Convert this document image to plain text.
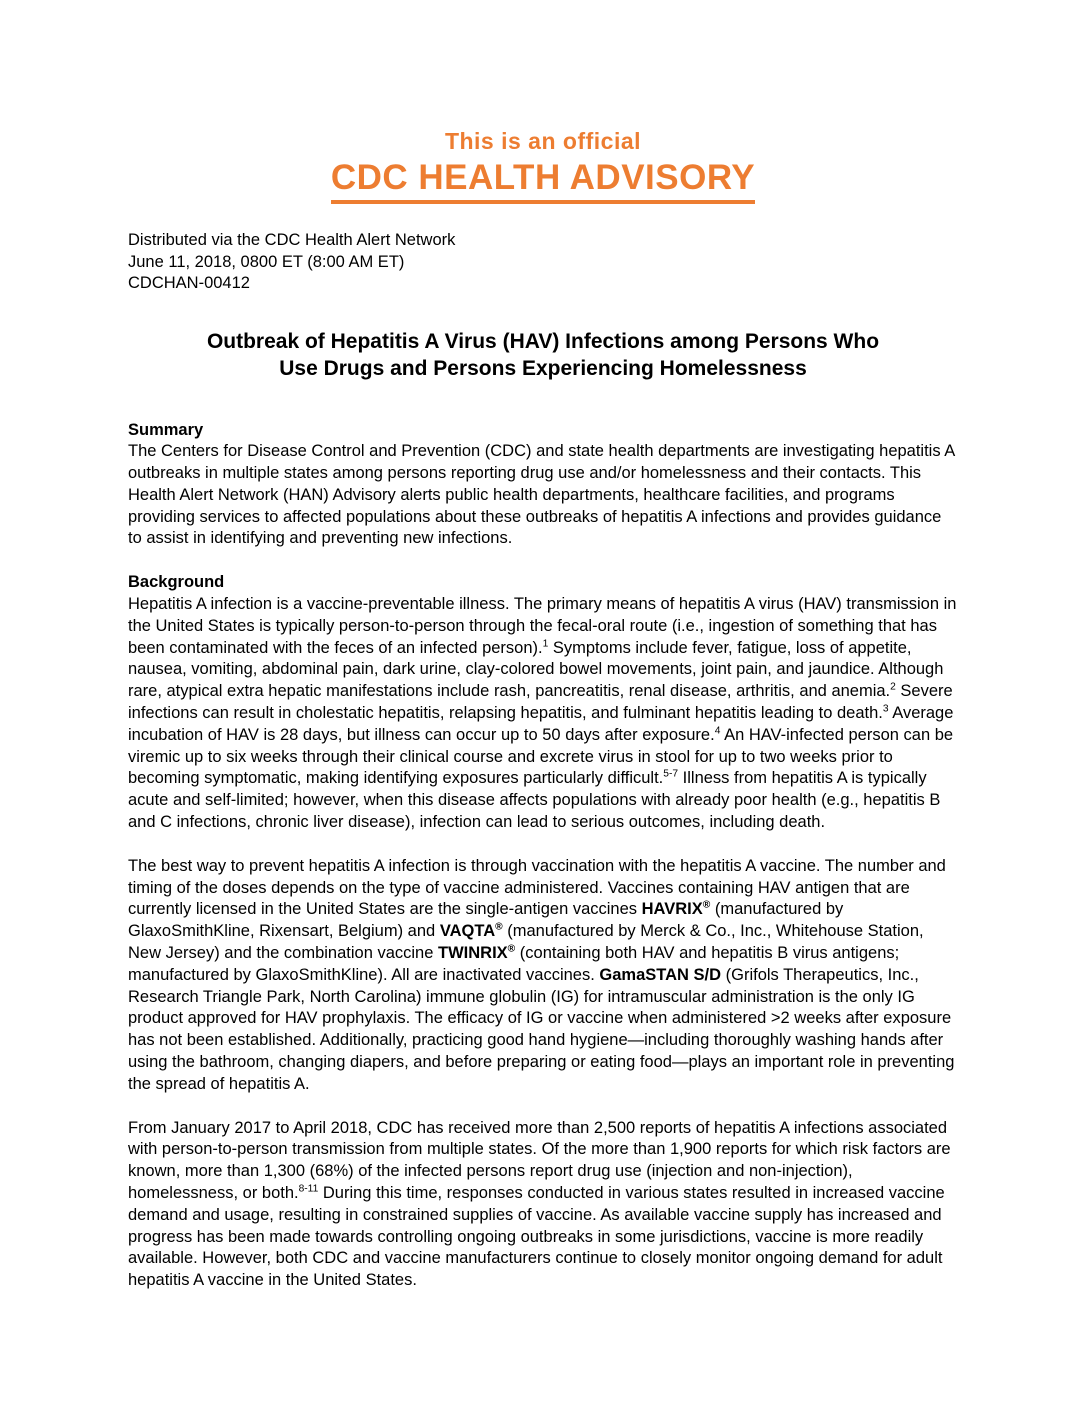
This is an official
CDC HEALTH ADVISORY
Distributed via the CDC Health Alert Network
June 11, 2018, 0800 ET (8:00 AM ET)
CDCHAN-00412
Outbreak of Hepatitis A Virus (HAV) Infections among Persons Who
Use Drugs and Persons Experiencing Homelessness
Summary

The Centers for Disease Control and Prevention (CDC) and state health departments are investigating hepatitis A outbreaks in multiple states among persons reporting drug use and/or homelessness and their contacts. This Health Alert Network (HAN) Advisory alerts public health departments, healthcare facilities, and programs providing services to affected populations about these outbreaks of hepatitis A infections and provides guidance to assist in identifying and preventing new infections.

Background

Hepatitis A infection is a vaccine-preventable illness. The primary means of hepatitis A virus (HAV) transmission in the United States is typically person-to-person through the fecal-oral route (i.e., ingestion of something that has been contaminated with the feces of an infected person).$^1$ Symptoms include fever, fatigue, loss of appetite, nausea, vomiting, abdominal pain, dark urine, clay-colored bowel movements, joint pain, and jaundice. Although rare, atypical extra hepatic manifestations include rash, pancreatitis, renal disease, arthritis, and anemia.$^2$ Severe infections can result in cholestatic hepatitis, relapsing hepatitis, and fulminant hepatitis leading to death.$^3$ Average incubation of HAV is 28 days, but illness can occur up to 50 days after exposure.$^4$ An HAV-infected person can be viremic up to six weeks through their clinical course and excrete virus in stool for up to two weeks prior to becoming symptomatic, making identifying exposures particularly difficult.$^{5-7}$ Illness from hepatitis A is typically acute and self-limited; however, when this disease affects populations with already poor health (e.g., hepatitis B and C infections, chronic liver disease), infection can lead to serious outcomes, including death.

The best way to prevent hepatitis A infection is through vaccination with the hepatitis A vaccine. The number and timing of the doses depends on the type of vaccine administered. Vaccines containing HAV antigen that are currently licensed in the United States are the single-antigen vaccines HAVRIX® (manufactured by GlaxoSmithKline, Rixensart, Belgium) and VAQTA® (manufactured by Merck & Co., Inc., Whitehouse Station, New Jersey) and the combination vaccine TWINRIX® (containing both HAV and hepatitis B virus antigens; manufactured by GlaxoSmithKline). All are inactivated vaccines. GamaSTAN S/D (Grifols Therapeutics, Inc., Research Triangle Park, North Carolina) immune globulin (IG) for intramuscular administration is the only IG product approved for HAV prophylaxis. The efficacy of IG or vaccine when administered >2 weeks after exposure has not been established. Additionally, practicing good hand hygiene—including thoroughly washing hands after using the bathroom, changing diapers, and before preparing or eating food—plays an important role in preventing the spread of hepatitis A.

From January 2017 to April 2018, CDC has received more than 2,500 reports of hepatitis A infections associated with person-to-person transmission from multiple states. Of the more than 1,900 reports for which risk factors are known, more than 1,300 (68%) of the infected persons report drug use (injection and non-injection), homelessness, or both.$^{8-11}$ During this time, responses conducted in various states resulted in increased vaccine demand and usage, resulting in constrained supplies of vaccine. As available vaccine supply has increased and progress has been made towards controlling ongoing outbreaks in some jurisdictions, vaccine is more readily available. However, both CDC and vaccine manufacturers continue to closely monitor ongoing demand for adult hepatitis A vaccine in the United States.
